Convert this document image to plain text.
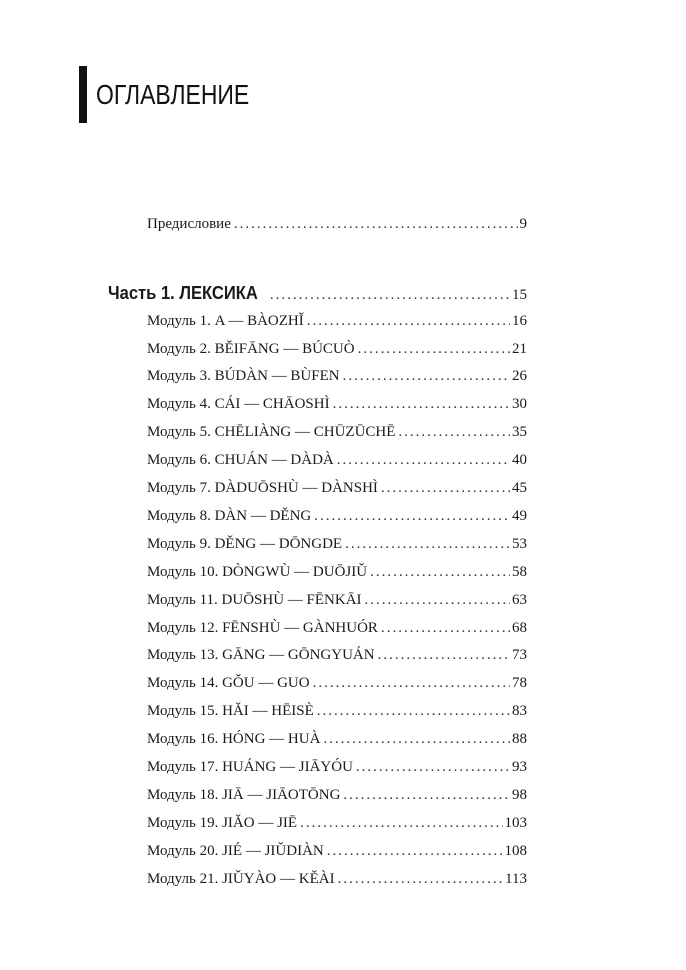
ОГЛАВЛЕНИЕ
Предисловие .....	9
Часть 1. ЛЕКСИКА .....	15
Модуль 1. A — BÀOZHǏ .....	16
Модуль 2. BĚIFĀNG — BÚCUÒ .....	21
Модуль 3. BÚDÀN — BÙFEN .....	26
Модуль 4. CÁI — CHĀOSHÌ .....	30
Модуль 5. CHĒLIÀNG — CHŪZŪCHĒ .....	35
Модуль 6. CHUÁN — DÀDÀ .....	40
Модуль 7. DÀDUŌSHÙ — DÀNSHÌ .....	45
Модуль 8. DÀN — DĚNG .....	49
Модуль 9. DĚNG — DŌNGDE .....	53
Модуль 10. DÒNGWÙ — DUŌJIǓ .....	58
Модуль 11. DUŌSHÙ — FĒNKĀI .....	63
Модуль 12. FĒNSHÙ — GÀNHUÓR .....	68
Модуль 13. GĀNG — GŌNGYUÁN .....	73
Модуль 14. GǑU — GUO .....	78
Модуль 15. HǍI — HĒISÈ .....	83
Модуль 16. HÓNG — HUÀ .....	88
Модуль 17. HUÁNG — JIĀYÓU .....	93
Модуль 18. JIĀ — JIĀOTŌNG .....	98
Модуль 19. JIǍO — JIĒ .....	103
Модуль 20. JIÉ — JIǓDIÀN .....	108
Модуль 21. JIǓYÀO — KĚÀI .....	113
